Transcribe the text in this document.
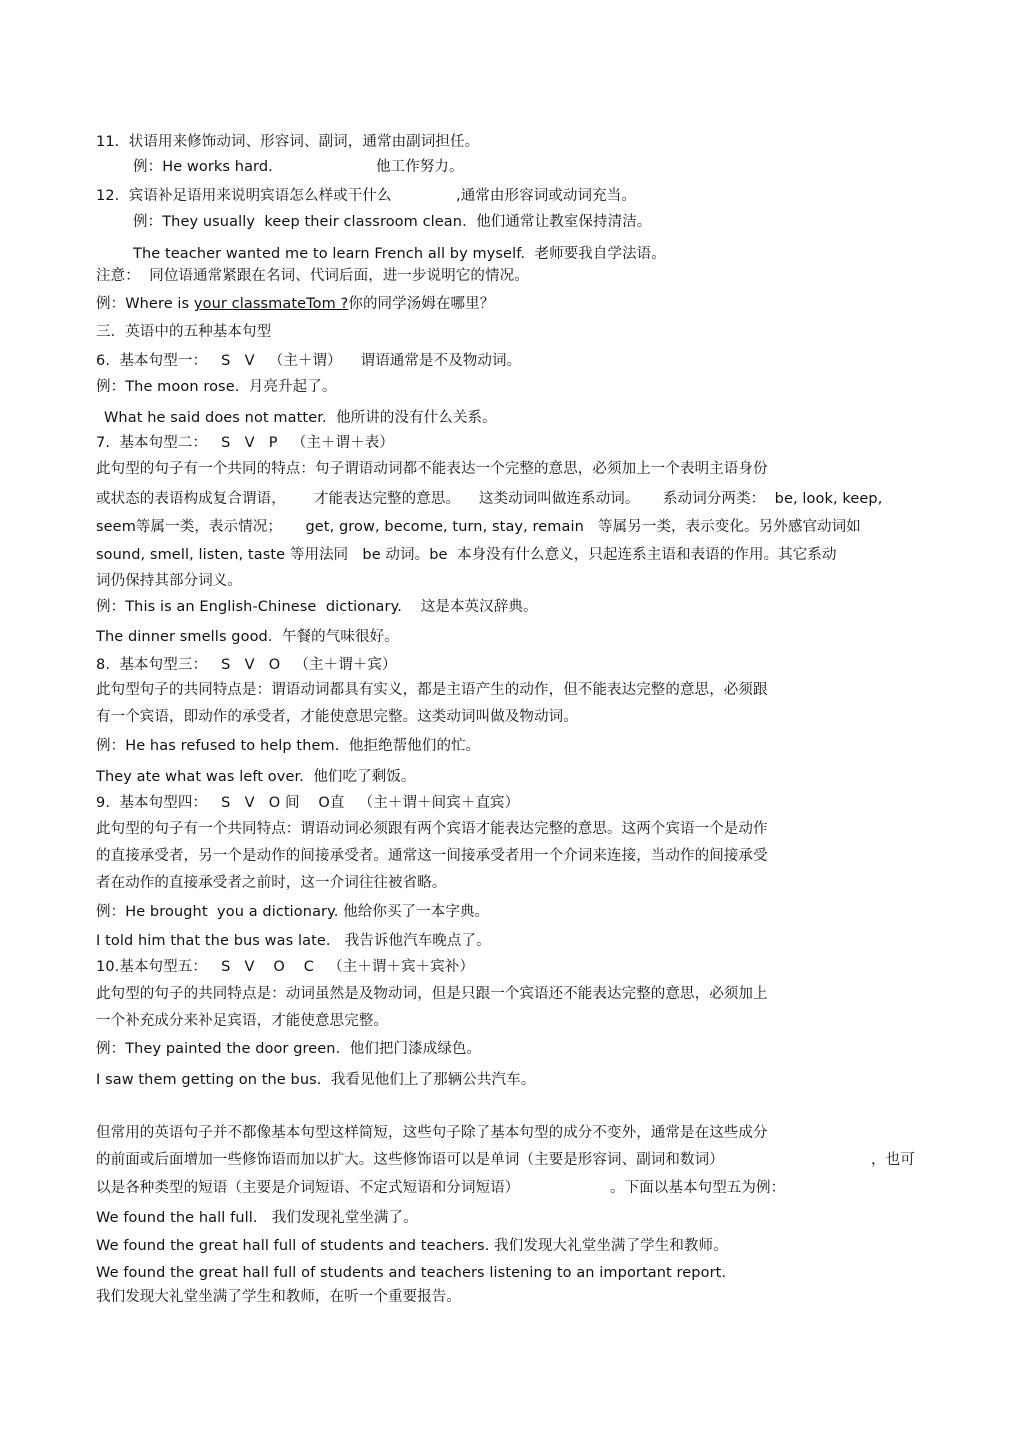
11.  状语用来修饰动词、形容词、副词，通常由副词担任。
例：He works hard.	他工作努力。
12.  宾语补足语用来说明宾语怎么样或干什么	,通常由形容词或动词充当。
例：They usually  keep their classroom clean.  他们通常让教室保持清洁。
The teacher wanted me to learn French all by myself.  老师要我自学法语。
注意：  同位语通常紧跟在名词、代词后面，进一步说明它的情况。
例：Where is your classmateTom ?你的同学汤姆在哪里？
三．英语中的五种基本句型
6.  基本句型一：   S   V   （主＋谓）    谓语通常是不及物动词。
例：The moon rose.  月亮升起了。
What he said does not matter.  他所讲的没有什么关系。
7.  基本句型二：   S   V   P   （主＋谓＋表）
此句型的句子有一个共同的特点：句子谓语动词都不能表达一个完整的意思，必须加上一个表明主语身份
或状态的表语构成复合谓语，      才能表达完整的意思。    这类动词叫做连系动词。     系动词分两类：  be, look, keep,
seem等属一类，表示情况；     get, grow, become, turn, stay, remain   等属另一类，表示变化。另外感官动词如
sound, smell, listen, taste 等用法同   be 动词。be  本身没有什么意义，只起连系主语和表语的作用。其它系动
词仍保持其部分词义。
例：This is an English-Chinese  dictionary.    这是本英汉辞典。
The dinner smells good.  午餐的气味很好。
8.  基本句型三：   S   V   O   （主＋谓＋宾）
此句型句子的共同特点是：谓语动词都具有实义，都是主语产生的动作，但不能表达完整的意思，必须跟
有一个宾语，即动作的承受者，才能使意思完整。这类动词叫做及物动词。
例：He has refused to help them.  他拒绝帮他们的忙。
They ate what was left over.  他们吃了剩饭。
9.  基本句型四：   S   V   O 间    O直   （主＋谓＋间宾＋直宾）
此句型的句子有一个共同特点：谓语动词必须跟有两个宾语才能表达完整的意思。这两个宾语一个是动作
的直接承受者，另一个是动作的间接承受者。通常这一间接承受者用一个介词来连接，当动作的间接承受
者在动作的直接承受者之前时，这一介词往往被省略。
例：He brought  you a dictionary. 他给你买了一本字典。
I told him that the bus was late.   我告诉他汽车晚点了。
10.基本句型五：   S   V    O    C   （主＋谓＋宾＋宾补）
此句型的句子的共同特点是：动词虽然是及物动词，但是只跟一个宾语还不能表达完整的意思，必须加上
一个补充成分来补足宾语，才能使意思完整。
例：They painted the door green.  他们把门漆成绿色。
I saw them getting on the bus.  我看见他们上了那辆公共汽车。
但常用的英语句子并不都像基本句型这样简短，这些句子除了基本句型的成分不变外，通常是在这些成分
的前面或后面增加一些修饰语而加以扩大。这些修饰语可以是单词（主要是形容词、副词和数词）	，也可
以是各种类型的短语（主要是介词短语、不定式短语和分词短语）	。下面以基本句型五为例：
We found the hall full.   我们发现礼堂坐满了。
We found the great hall full of students and teachers. 我们发现大礼堂坐满了学生和教师。
We found the great hall full of students and teachers listening to an important report.
我们发现大礼堂坐满了学生和教师，在听一个重要报告。
